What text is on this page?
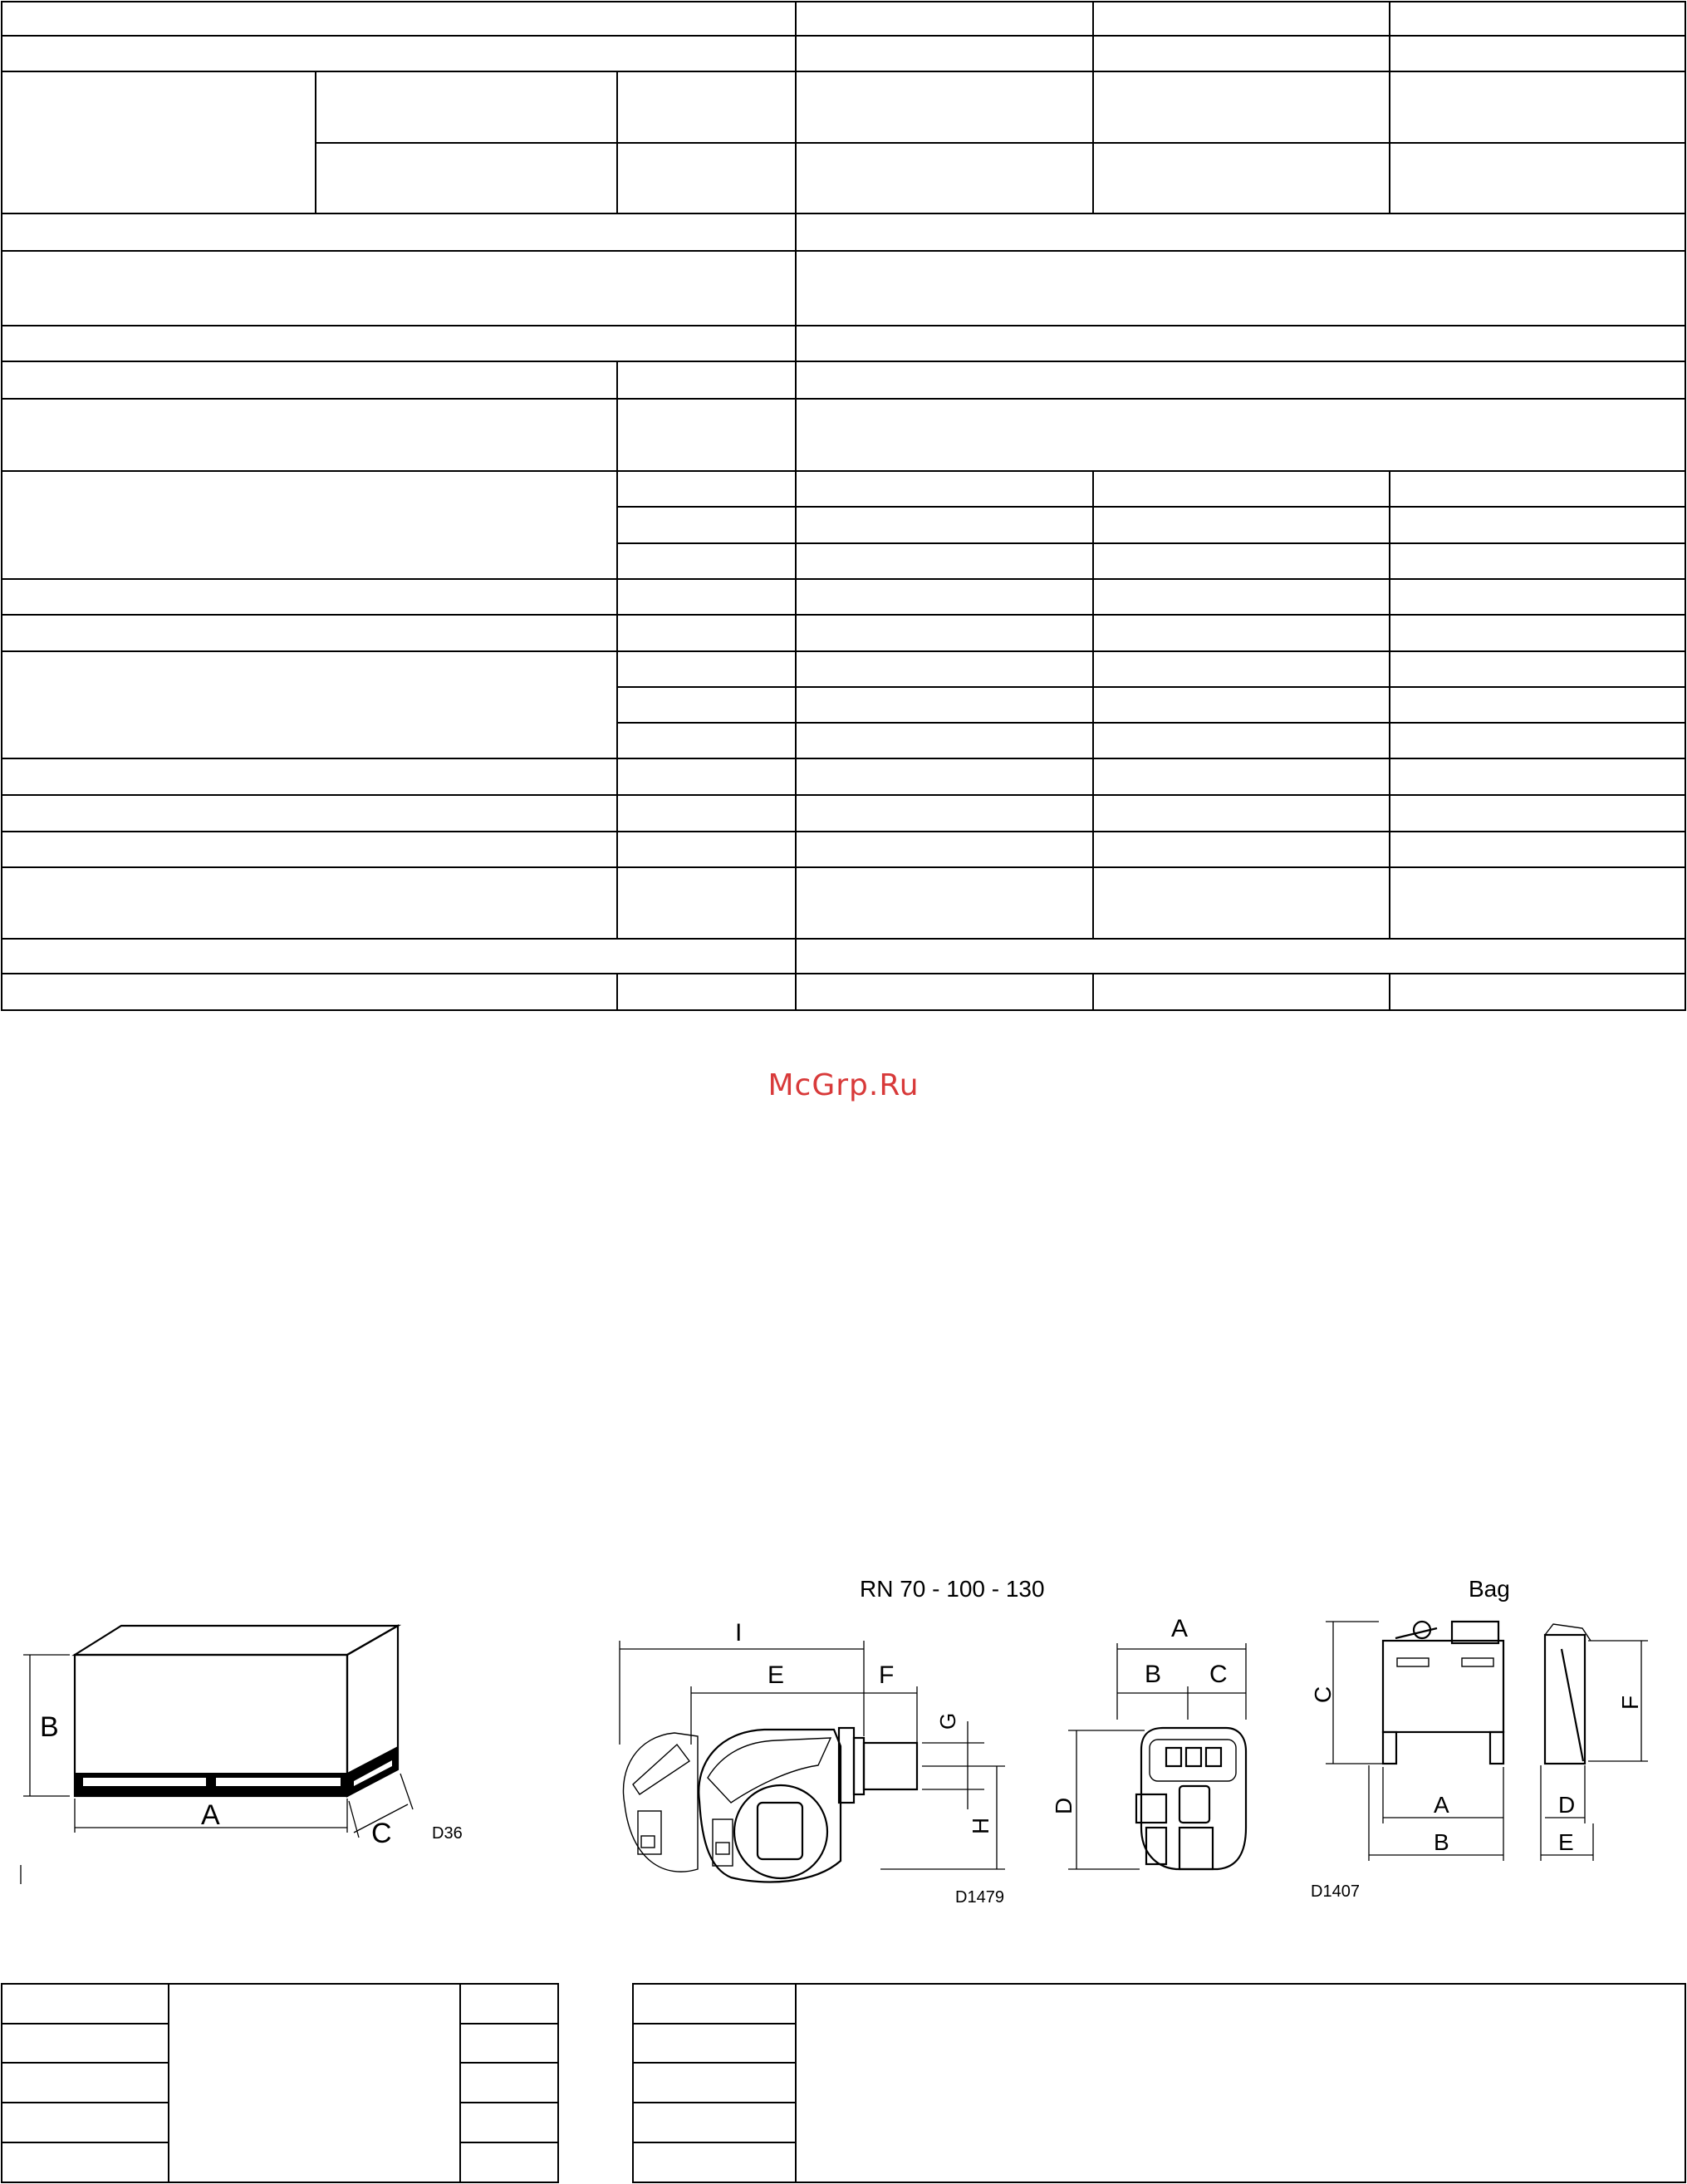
McGrp.Ru
B
A
C D36
RN 70 - 100 - 130
I
E	F
G
H
D1479
A
B C
D
Bag
C	F
A
B
D
E
D1407
